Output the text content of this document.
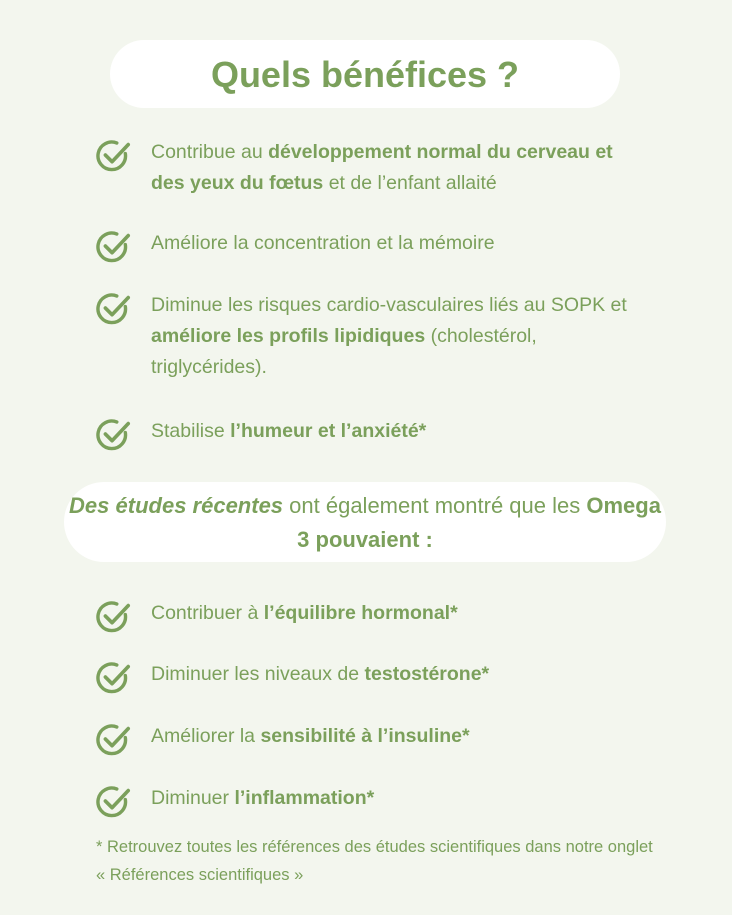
Quels bénéfices ?
Contribue au développement normal du cerveau et des yeux du fœtus et de l’enfant allaité
Améliore la concentration et la mémoire
Diminue les risques cardio-vasculaires liés au SOPK et améliore les profils lipidiques (cholestérol, triglycérides).
Stabilise l’humeur et l’anxiété*
Des études récentes ont également montré que les Omega 3 pouvaient :
Contribuer à l’équilibre hormonal*
Diminuer les niveaux de testostérone*
Améliorer la sensibilité à l’insuline*
Diminuer l’inflammation*
* Retrouvez toutes les références des études scientifiques dans notre onglet « Références scientifiques »
